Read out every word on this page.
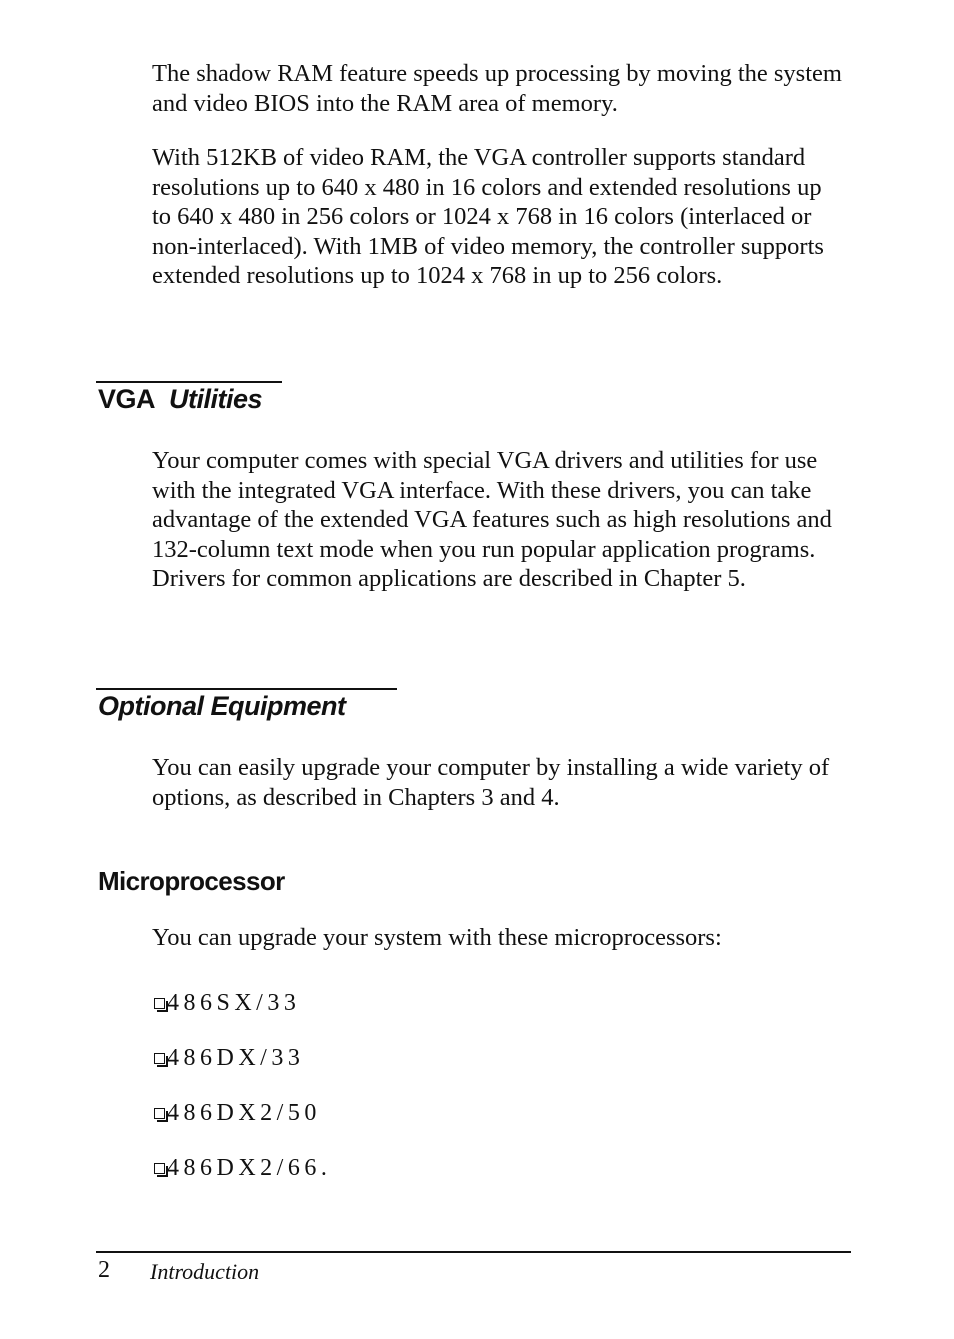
The shadow RAM feature speeds up processing by moving the system and video BIOS into the RAM area of memory.

With 512KB of video RAM, the VGA controller supports standard resolutions up to 640 x 480 in 16 colors and extended resolutions up to 640 x 480 in 256 colors or 1024 x 768 in 16 colors (interlaced or non-interlaced). With 1MB of video memory, the controller supports extended resolutions up to 1024 x 768 in up to 256 colors.

VGA Utilities

Your computer comes with special VGA drivers and utilities for use with the integrated VGA interface. With these drivers, you can take advantage of the extended VGA features such as high resolutions and 132-column text mode when you run popular application programs. Drivers for common applications are described in Chapter 5.

Optional Equipment

You can easily upgrade your computer by installing a wide variety of options, as described in Chapters 3 and 4.

Microprocessor

You can upgrade your system with these microprocessors:

486SX/33
486DX/33
486DX2/50
486DX2/66.
2 Introduction
